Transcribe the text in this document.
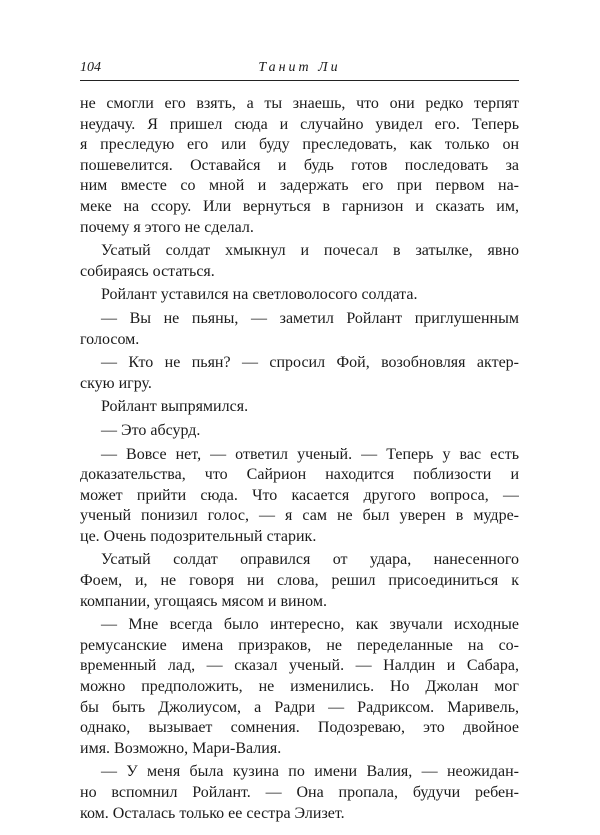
104	Танит Ли
не смогли его взять, а ты знаешь, что они редко терпят
неудачу. Я пришел сюда и случайно увидел его. Теперь
я преследую его или буду преследовать, как только он
пошевелится. Оставайся и будь готов последовать за
ним вместе со мной и задержать его при первом на-
меке на ссору. Или вернуться в гарнизон и сказать им,
почему я этого не сделал.
Усатый солдат хмыкнул и почесал в затылке, явно
собираясь остаться.
Ройлант уставился на светловолосого солдата.
— Вы не пьяны, — заметил Ройлант приглушенным
голосом.
— Кто не пьян? — спросил Фой, возобновляя актер-
скую игру.
Ройлант выпрямился.
— Это абсурд.
— Вовсе нет, — ответил ученый. — Теперь у вас есть
доказательства, что Сайрион находится поблизости и
может прийти сюда. Что касается другого вопроса, —
ученый понизил голос, — я сам не был уверен в мудре-
це. Очень подозрительный старик.
Усатый солдат оправился от удара, нанесенного
Фоем, и, не говоря ни слова, решил присоединиться к
компании, угощаясь мясом и вином.
— Мне всегда было интересно, как звучали исходные
ремусанские имена призраков, не переделанные на со-
временный лад, — сказал ученый. — Налдин и Сабара,
можно предположить, не изменились. Но Джолан мог
бы быть Джолиусом, а Радри — Радриксом. Маривель,
однако, вызывает сомнения. Подозреваю, это двойное
имя. Возможно, Мари-Валия.
— У меня была кузина по имени Валия, — неожидан-
но вспомнил Ройлант. — Она пропала, будучи ребен-
ком. Осталась только ее сестра Элизет.
